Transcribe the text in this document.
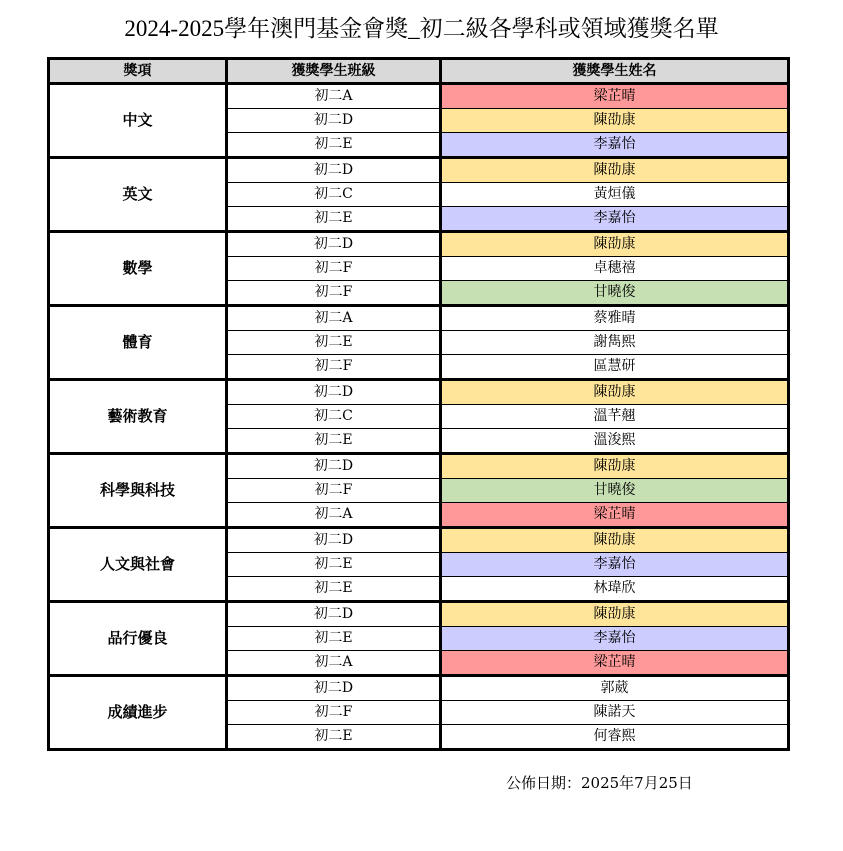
2024-2025學年澳門基金會獎_初二級各學科或領域獲獎名單
獎項	獲獎學生班級	獲獎學生姓名
中文	初二A	梁芷晴
	初二D	陳劭康
	初二E	李嘉怡
英文	初二D	陳劭康
	初二C	黃烜儀
	初二E	李嘉怡
數學	初二D	陳劭康
	初二F	卓穗禧
	初二F	甘曉俊
體育	初二A	蔡雅晴
	初二E	謝雋熙
	初二F	區慧研
藝術教育	初二D	陳劭康
	初二C	溫芊翹
	初二E	溫浚熙
科學與科技	初二D	陳劭康
	初二F	甘曉俊
	初二A	梁芷晴
人文與社會	初二D	陳劭康
	初二E	李嘉怡
	初二E	林瑋欣
品行優良	初二D	陳劭康
	初二E	李嘉怡
	初二A	梁芷晴
成績進步	初二D	郭葳
	初二F	陳諾天
	初二E	何睿熙
公佈日期：2025年7月25日
